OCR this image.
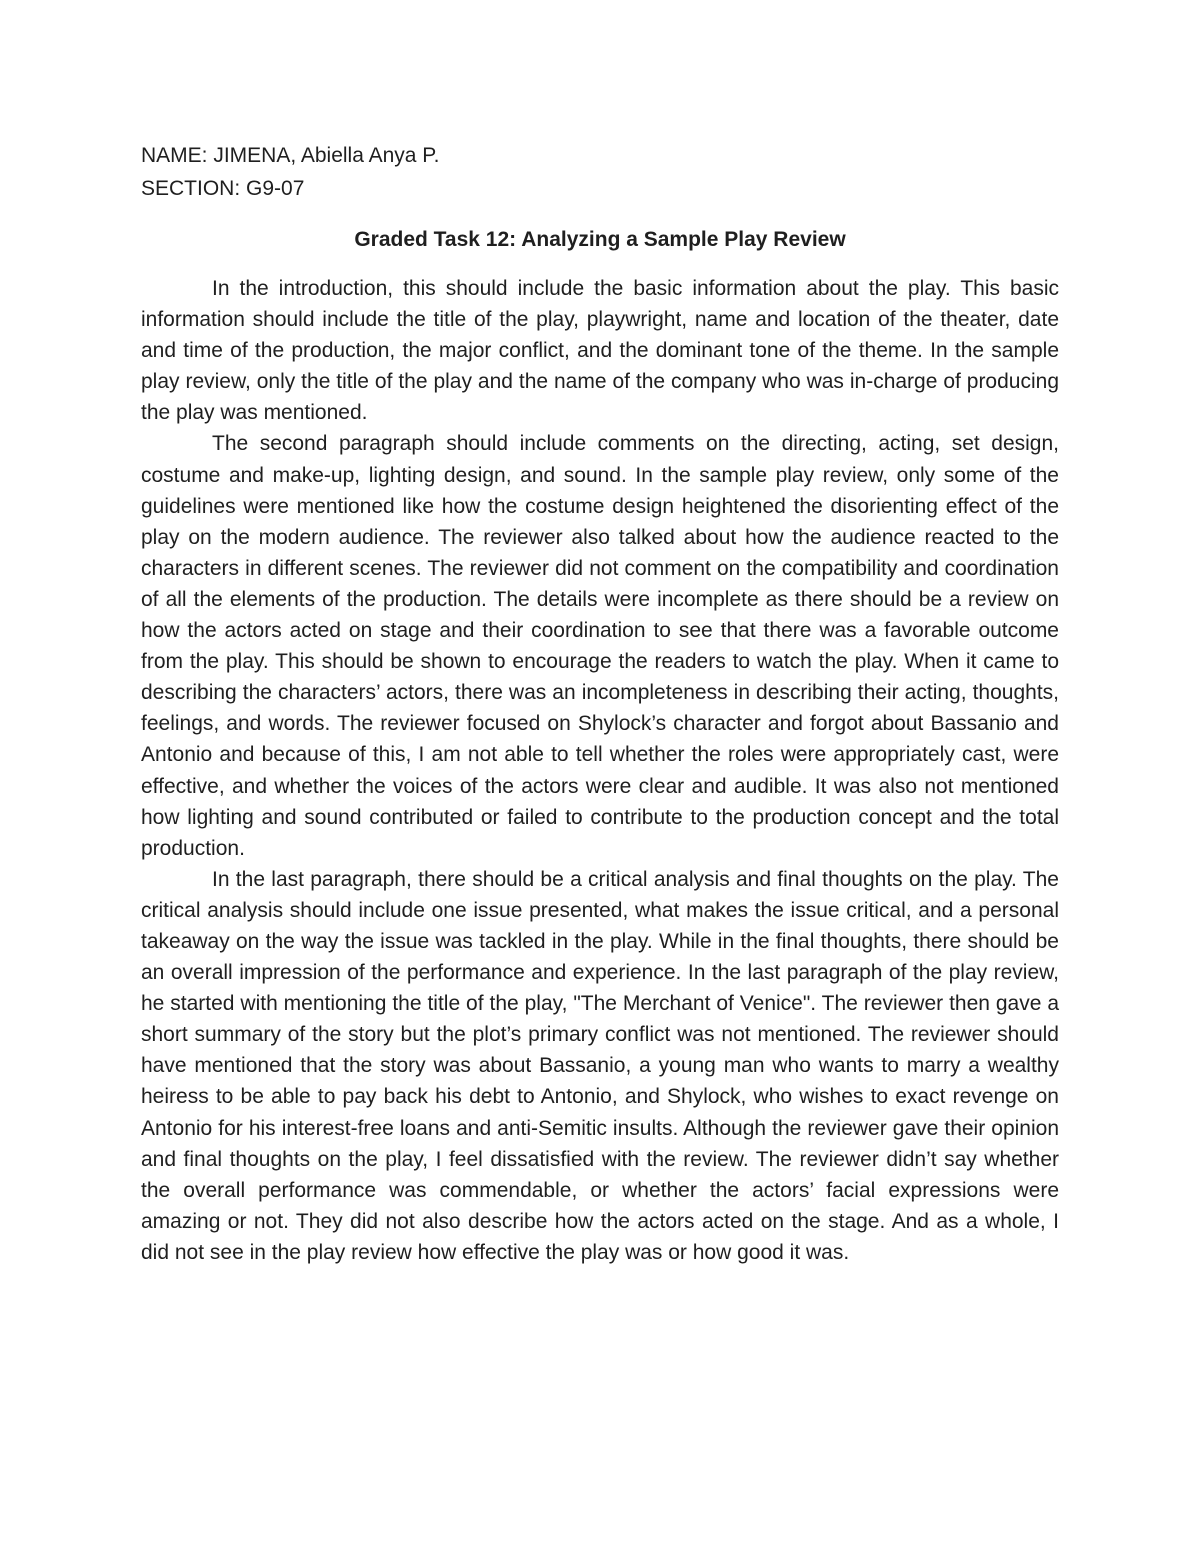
NAME: JIMENA, Abiella Anya P.
SECTION: G9-07
Graded Task 12: Analyzing a Sample Play Review

In the introduction, this should include the basic information about the play. This basic information should include the title of the play, playwright, name and location of the theater, date and time of the production, the major conflict, and the dominant tone of the theme. In the sample play review, only the title of the play and the name of the company who was in-charge of producing the play was mentioned.

The second paragraph should include comments on the directing, acting, set design, costume and make-up, lighting design, and sound. In the sample play review, only some of the guidelines were mentioned like how the costume design heightened the disorienting effect of the play on the modern audience. The reviewer also talked about how the audience reacted to the characters in different scenes. The reviewer did not comment on the compatibility and coordination of all the elements of the production. The details were incomplete as there should be a review on how the actors acted on stage and their coordination to see that there was a favorable outcome from the play. This should be shown to encourage the readers to watch the play. When it came to describing the characters’ actors, there was an incompleteness in describing their acting, thoughts, feelings, and words. The reviewer focused on Shylock’s character and forgot about Bassanio and Antonio and because of this, I am not able to tell whether the roles were appropriately cast, were effective, and whether the voices of the actors were clear and audible. It was also not mentioned how lighting and sound contributed or failed to contribute to the production concept and the total production.

In the last paragraph, there should be a critical analysis and final thoughts on the play. The critical analysis should include one issue presented, what makes the issue critical, and a personal takeaway on the way the issue was tackled in the play. While in the final thoughts, there should be an overall impression of the performance and experience. In the last paragraph of the play review, he started with mentioning the title of the play, "The Merchant of Venice". The reviewer then gave a short summary of the story but the plot’s primary conflict was not mentioned. The reviewer should have mentioned that the story was about Bassanio, a young man who wants to marry a wealthy heiress to be able to pay back his debt to Antonio, and Shylock, who wishes to exact revenge on Antonio for his interest-free loans and anti-Semitic insults. Although the reviewer gave their opinion and final thoughts on the play, I feel dissatisfied with the review. The reviewer didn’t say whether the overall performance was commendable, or whether the actors’ facial expressions were amazing or not. They did not also describe how the actors acted on the stage. And as a whole, I did not see in the play review how effective the play was or how good it was.
